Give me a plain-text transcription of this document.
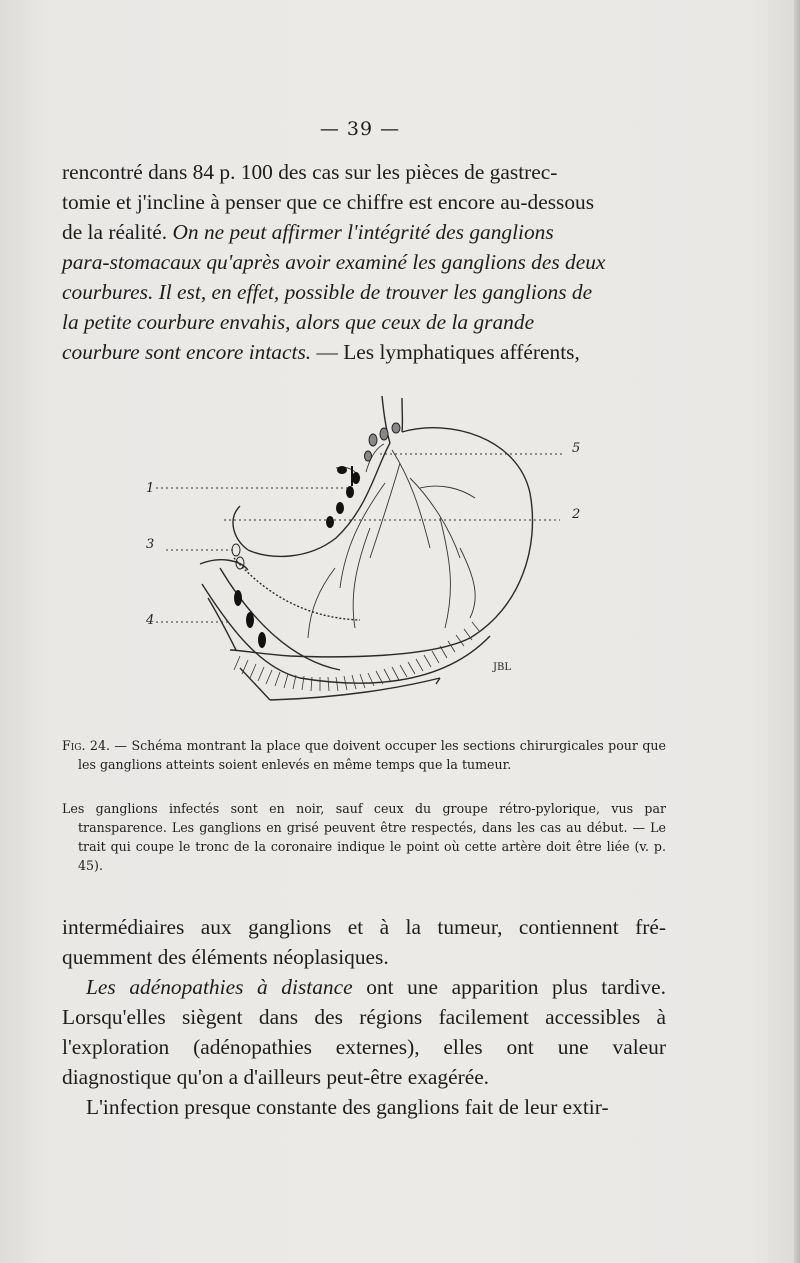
— 39 —

rencontré dans 84 p. 100 des cas sur les pièces de gastrec-

tomie et j'incline à penser que ce chiffre est encore au-dessous

de la réalité. On ne peut affirmer l'intégrité des ganglions

para-stomacaux qu'après avoir examiné les ganglions des deux

courbures. Il est, en effet, possible de trouver les ganglions de

la petite courbure envahis, alors que ceux de la grande

courbure sont encore intacts. — Les lymphatiques afférents,

1
2
3
4
5
JBL

Fig. 24. — Schéma montrant la place que doivent occuper les sections chirurgicales pour que les ganglions atteints soient enlevés en même temps que la tumeur.

Les ganglions infectés sont en noir, sauf ceux du groupe rétro-pylorique, vus par transparence. Les ganglions en grisé peuvent être respectés, dans les cas au début. — Le trait qui coupe le tronc de la coronaire indique le point où cette artère doit être liée (v. p. 45).

intermédiaires aux ganglions et à la tumeur, contiennent fré-quemment des éléments néoplasiques.

Les adénopathies à distance ont une apparition plus tardive. Lorsqu'elles siègent dans des régions facilement accessibles à l'exploration (adénopathies externes), elles ont une valeur diagnostique qu'on a d'ailleurs peut-être exagérée.

L'infection presque constante des ganglions fait de leur extir-
